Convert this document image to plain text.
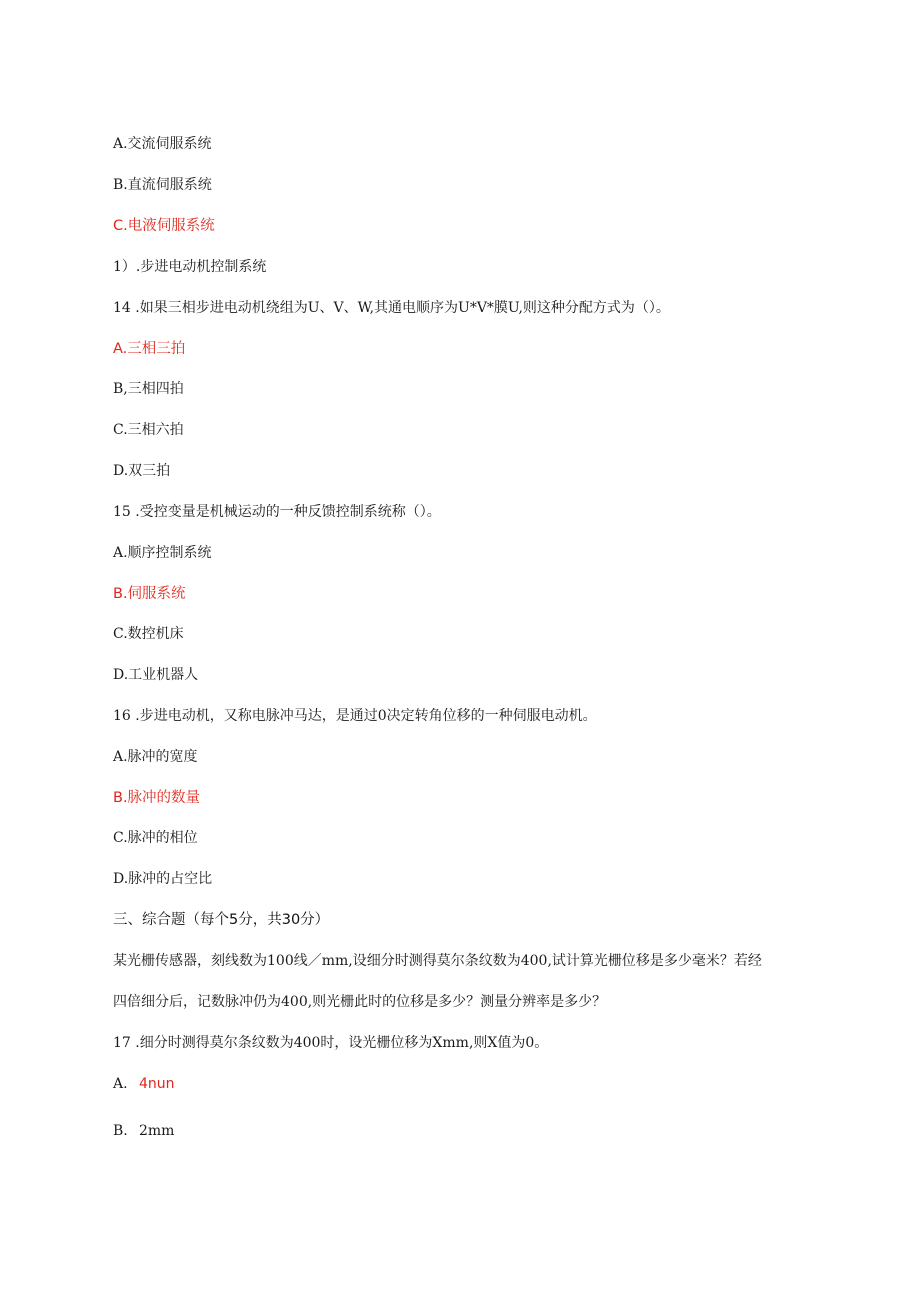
A.交流伺服系统
B.直流伺服系统
C.电液伺服系统
1）.步进电动机控制系统
14 .如果三相步进电动机绕组为U、V、W,其通电顺序为U*V*膜U,则这种分配方式为（）。
A.三相三拍
B,三相四拍
C.三相六拍
D.双三拍
15 .受控变量是机械运动的一种反馈控制系统称（）。
A.顺序控制系统
B.伺服系统
C.数控机床
D.工业机器人
16 .步进电动机，又称电脉冲马达，是通过0决定转角位移的一种伺服电动机。
A.脉冲的宽度
B.脉冲的数量
C.脉冲的相位
D.脉冲的占空比
三、综合题（每个5分，共30分）
某光栅传感器，刻线数为100线／mm,设细分时测得莫尔条纹数为400,试计算光栅位移是多少毫米？若经
四倍细分后，记数脉冲仍为400,则光栅此时的位移是多少？测量分辨率是多少？
17 .细分时测得莫尔条纹数为400时，设光栅位移为Xmm,则X值为0。
A. 4nun
B. 2mm
